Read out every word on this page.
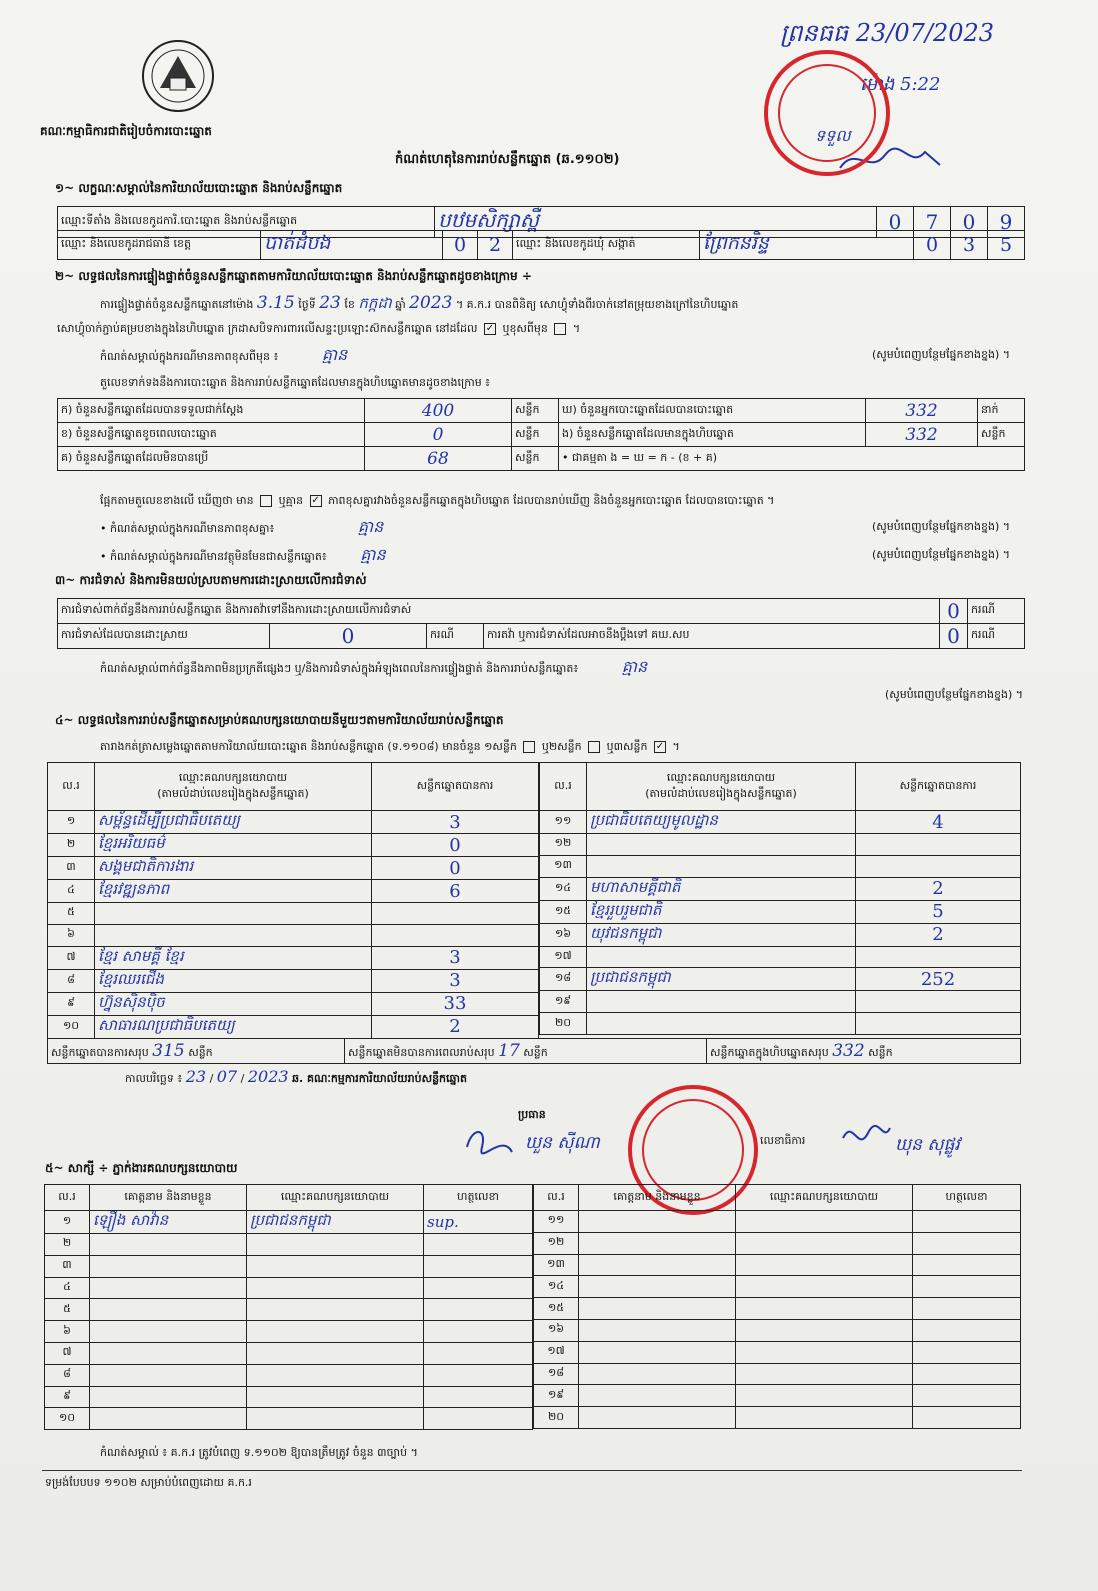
គណៈកម្មាធិការជាតិរៀបចំការបោះឆ្នោត
កំណត់ហេតុនៃការរាប់សន្លឹកឆ្នោត (ឆ.១១០២)
ព្រនធធ 23/07/2023
ម៉ោង 5:22
ទទួល
១~ លក្ខណៈសម្គាល់នៃការិយាល័យបោះឆ្នោត និងរាប់សន្លឹកឆ្នោត
ឈ្មោះទីតាំង និងលេខកូដការិ.បោះឆ្នោត និងរាប់សន្លឹកឆ្នោត	បឋមសិក្សាស្ពឺ	0	7	0	9
ឈ្មោះ និងលេខកូដរាជធានី ខេត្ត	បាត់ដំបង	0	2	ឈ្មោះ និងលេខកូដឃុំ សង្កាត់	ព្រែកនរិន្ទ	0	3	5
២~ លទ្ធផលនៃការផ្ទៀងផ្ទាត់ចំនួនសន្លឹកឆ្នោតតាមការិយាល័យបោះឆ្នោត និងរាប់សន្លឹកឆ្នោតដូចខាងក្រោម ÷
ការផ្ទៀងផ្ទាត់ចំនួនសន្លឹកឆ្នោតនៅម៉ោង 3.15 ថ្ងៃទី 23 ខែ កក្កដា ឆ្នាំ 2023 ។ គ.ក.រ បានពិនិត្យ សោហ្វុំទាំងពីរចាក់នៅតម្រុយខាងក្រៅនៃហិបឆ្នោត
សោហ្វុំចាក់ភ្ជាប់គម្របខាងក្នុងនៃហិបឆ្នោត ក្រដាសបិទការពារលើសន្ទះប្រឡោះស៊កសន្លឹកឆ្នោត នៅដដែល ✓ ឬខុសពីមុន  ។
កំណត់សម្គាល់ក្នុងករណីមានភាពខុសពីមុន ៖	គ្មាន	(សូមបំពេញបន្ថែមផ្នែកខាងខ្នង) ។
តួលេខទាក់ទងនឹងការបោះឆ្នោត និងការរាប់សន្លឹកឆ្នោតដែលមានក្នុងហិបឆ្នោតមានដូចខាងក្រោម ៖
ក) ចំនួនសន្លឹកឆ្នោតដែលបានទទួលជាក់ស្តែង	400	សន្លឹក	ឃ) ចំនួនអ្នកបោះឆ្នោតដែលបានបោះឆ្នោត	332	នាក់
ខ) ចំនួនសន្លឹកឆ្នោតខូចពេលបោះឆ្នោត	0	សន្លឹក	ង) ចំនួនសន្លឹកឆ្នោតដែលមានក្នុងហិបឆ្នោត	332	សន្លឹក
គ) ចំនួនសន្លឹកឆ្នោតដែលមិនបានប្រើ	68	សន្លឹក	• ជាគម្មតា ង = ឃ = ក - (ខ + គ)		
ផ្អែកតាមតួលេខខាងលើ ឃើញថា មាន ឬគ្មាន ✓ ភាពខុសគ្នារវាងចំនួនសន្លឹកឆ្នោតក្នុងហិបឆ្នោត ដែលបានរាប់ឃើញ និងចំនួនអ្នកបោះឆ្នោត ដែលបានបោះឆ្នោត ។
• កំណត់សម្គាល់ក្នុងករណីមានភាពខុសគ្នា៖	គ្មាន	(សូមបំពេញបន្ថែមផ្នែកខាងខ្នង) ។
• កំណត់សម្គាល់ក្នុងករណីមានវត្ថុមិនមែនជាសន្លឹកឆ្នោត៖ គ្មាន	(សូមបំពេញបន្ថែមផ្នែកខាងខ្នង) ។
៣~ ការជំទាស់ និងការមិនយល់ស្របតាមការដោះស្រាយលើការជំទាស់
ការជំទាស់ពាក់ព័ន្ធនឹងការរាប់សន្លឹកឆ្នោត និងការតវ៉ាទៅនឹងការដោះស្រាយលើការជំទាស់				0	ករណី
ការជំទាស់ដែលបានដោះស្រាយ	0	ករណី	ការតវ៉ា ឬការជំទាស់ដែលអាចនឹងប្តឹងទៅ គឃ.សប	0	ករណី
កំណត់សម្គាល់ពាក់ព័ន្ធនឹងភាពមិនប្រក្រតីផ្សេងៗ ឬ/និងការជំទាស់ក្នុងអំឡុងពេលនៃការផ្ទៀងផ្ទាត់ និងការរាប់សន្លឹកឆ្នោត៖	គ្មាន
(សូមបំពេញបន្ថែមផ្នែកខាងខ្នង) ។
៤~ លទ្ធផលនៃការរាប់សន្លឹកឆ្នោតសម្រាប់គណបក្សនយោបាយនីមួយៗតាមការិយាល័យរាប់សន្លឹកឆ្នោត
តារាងកត់ត្រាសម្លេងឆ្នោតតាមការិយាល័យបោះឆ្នោត និងរាប់សន្លឹកឆ្នោត (ទ.១១០៨) មានចំនួន ១សន្លឹក ឬ២សន្លឹក ឬ៣សន្លឹក ✓ ។
ល.រ	ឈ្មោះគណបក្សនយោបាយ
(តាមលំដាប់លេខរៀងក្នុងសន្លឹកឆ្នោត)	សន្លឹកឆ្នោតបានការ
១	សម្ព័ន្ធដើម្បីប្រជាធិបតេយ្យ	3
២	ខ្មែរអរិយធម៌	0
៣	សង្គមជាតិការងារ	0
៤	ខ្មែរវឌ្ឍនភាព	6
៥		
៦		
៧	ខ្មែរ សាមគ្គី ខ្មែរ	3
៨	ខ្មែរឈរជើង	3
៩	ហ្វ៊ុនស៊ិនប៉ិច	33
១០	សាធារណប្រជាធិបតេយ្យ	2
ល.រ	ឈ្មោះគណបក្សនយោបាយ
(តាមលំដាប់លេខរៀងក្នុងសន្លឹកឆ្នោត)	សន្លឹកឆ្នោតបានការ
១១	ប្រជាធិបតេយ្យមូលដ្ឋាន	4
១២		
១៣		
១៤	មហាសាមគ្គីជាតិ	2
១៥	ខ្មែររួបរួមជាតិ	5
១៦	យុវជនកម្ពុជា	2
១៧		
១៨	ប្រជាជនកម្ពុជា	252
១៩		
២០		
សន្លឹកឆ្នោតបានការសរុប 315 សន្លឹក	សន្លឹកឆ្នោតមិនបានការពេលរាប់សរុប 17 សន្លឹក	សន្លឹកឆ្នោតក្នុងហិបឆ្នោតសរុប 332 សន្លឹក
កាលបរិច្ឆេទ ៖ 23 / 07 / 2023 ឆ. គណៈកម្មការការិយាល័យរាប់សន្លឹកឆ្នោត
ប្រធាន
ឃួន ស៊ីណា	លេខាធិការ	ឃុន សុផ្លូវ
៥~ សាក្សី ÷ ភ្នាក់ងារគណបក្សនយោបាយ
ល.រ	គោត្តនាម និងនាមខ្លួន	ឈ្មោះគណបក្សនយោបាយ	ហត្ថលេខា
១	ឡឿង សាវ៉ាន	ប្រជាជនកម្ពុជា	sup.
២			
៣			
៤			
៥			
៦			
៧			
៨			
៩			
១០			
ល.រ	គោត្តនាម និងនាមខ្លួន	ឈ្មោះគណបក្សនយោបាយ	ហត្ថលេខា
១១			
១២			
១៣			
១៤			
១៥			
១៦			
១៧			
១៨			
១៩			
២០			
កំណត់សម្គាល់ ៖ គ.ក.រ ត្រូវបំពេញ ទ.១១០២ ឱ្យបានត្រឹមត្រូវ ចំនួន ៣ច្បាប់ ។
ទម្រង់បែបបទ ១១០២ សម្រាប់បំពេញដោយ គ.ក.រ
